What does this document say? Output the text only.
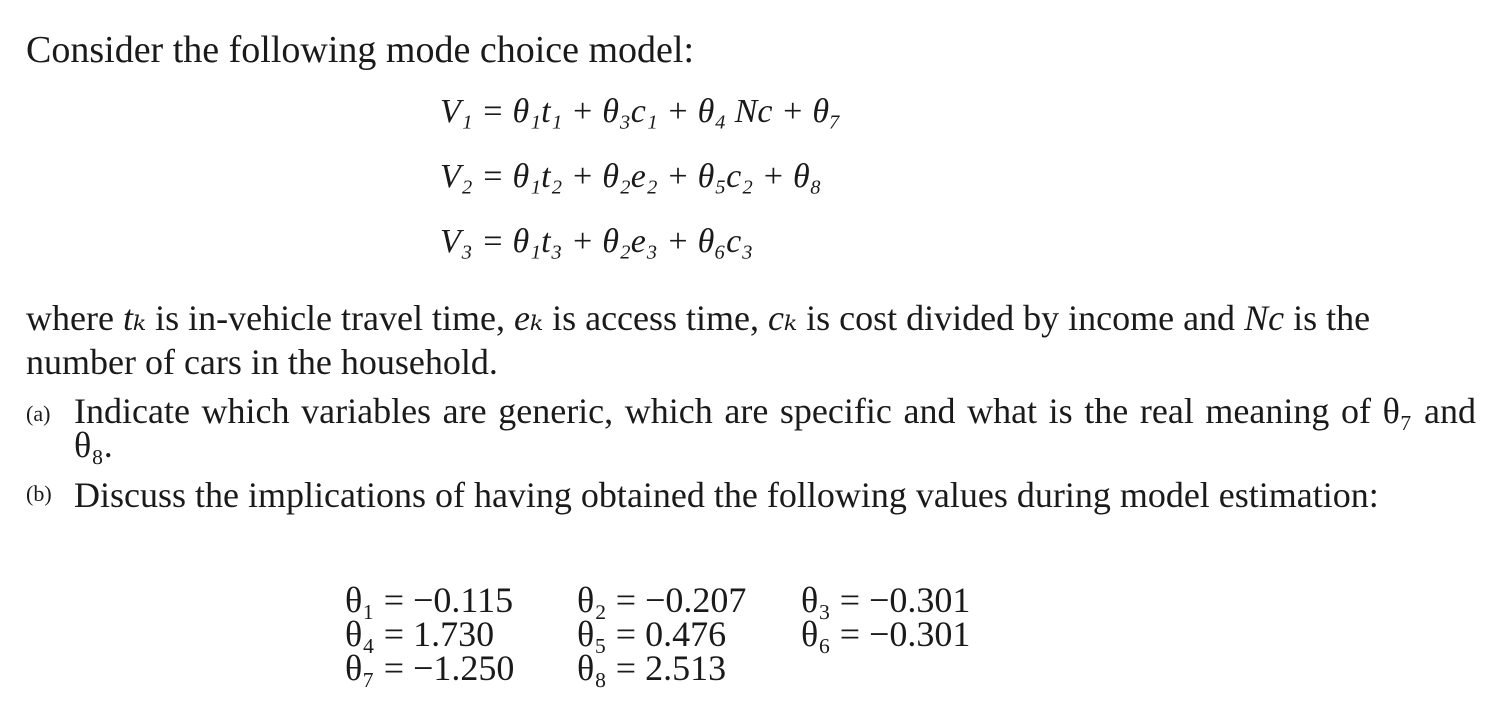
Consider the following mode choice model:

V₁ = θ₁t₁ + θ₃c₁ + θ₄ Nc + θ₇
V₂ = θ₁t₂ + θ₂e₂ + θ₅c₂ + θ₈
V₃ = θ₁t₃ + θ₂e₃ + θ₆c₃

where tₖ is in-vehicle travel time, eₖ is access time, cₖ is cost divided by income and Nc is the number of cars in the household.

(a) Indicate which variables are generic, which are specific and what is the real meaning of θ₇ and θ₈.
(b) Discuss the implications of having obtained the following values during model estimation:
θ₁ = −0.115 θ₂ = −0.207 θ₃ = −0.301
θ₄ = 1.730 θ₅ = 0.476 θ₆ = −0.301
θ₇ = −1.250 θ₈ = 2.513
